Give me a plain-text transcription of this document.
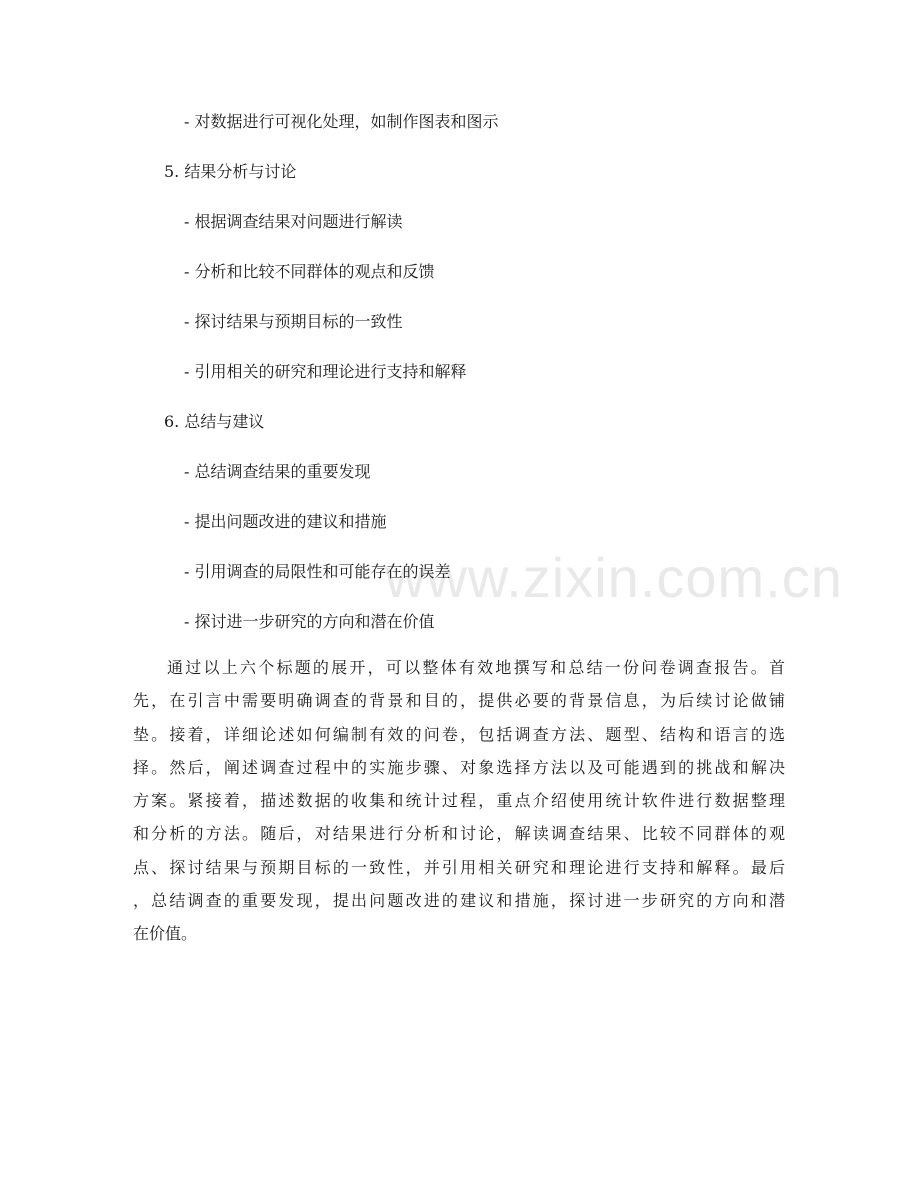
www.zixin.com.cn
- 对数据进行可视化处理，如制作图表和图示
5. 结果分析与讨论
- 根据调查结果对问题进行解读
- 分析和比较不同群体的观点和反馈
- 探讨结果与预期目标的一致性
- 引用相关的研究和理论进行支持和解释
6. 总结与建议
- 总结调查结果的重要发现
- 提出问题改进的建议和措施
- 引用调查的局限性和可能存在的误差
- 探讨进一步研究的方向和潜在价值
通过以上六个标题的展开，可以整体有效地撰写和总结一份问卷调查报告。首
先，在引言中需要明确调查的背景和目的，提供必要的背景信息，为后续讨论做铺
垫。接着，详细论述如何编制有效的问卷，包括调查方法、题型、结构和语言的选
择。然后，阐述调查过程中的实施步骤、对象选择方法以及可能遇到的挑战和解决
方案。紧接着，描述数据的收集和统计过程，重点介绍使用统计软件进行数据整理
和分析的方法。随后，对结果进行分析和讨论，解读调查结果、比较不同群体的观
点、探讨结果与预期目标的一致性，并引用相关研究和理论进行支持和解释。最后
，总结调查的重要发现，提出问题改进的建议和措施，探讨进一步研究的方向和潜
在价值。
